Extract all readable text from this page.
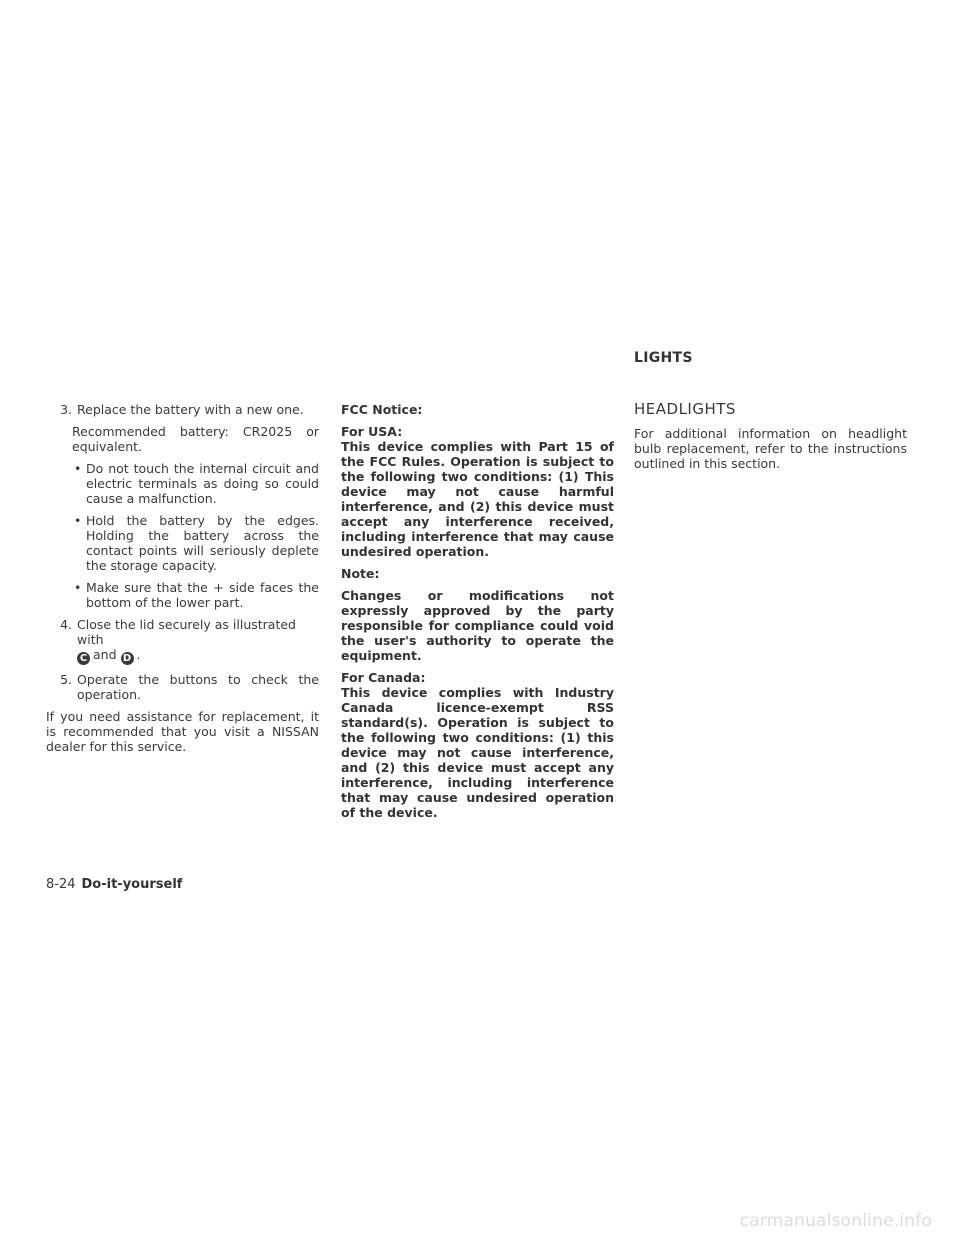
3. Replace the battery with a new one.
Recommended battery: CR2025 or equivalent.
• Do not touch the internal circuit and electric terminals as doing so could cause a malfunction.
• Hold the battery by the edges. Holding the battery across the contact points will seriously deplete the storage capacity.
• Make sure that the + side faces the bottom of the lower part.
4. Close the lid securely as illustrated with
C and D .
5. Operate the buttons to check the operation.
If you need assistance for replacement, it is recommended that you visit a NISSAN dealer for this service.
FCC Notice:
For USA:
This device complies with Part 15 of the FCC Rules. Operation is subject to the following two conditions: (1) This device may not cause harmful interference, and (2) this device must accept any interference received, including interference that may cause undesired operation.
Note:
Changes or modifications not expressly approved by the party responsible for compliance could void the user's authority to operate the equipment.
For Canada:
This device complies with Industry Canada licence-exempt RSS standard(s). Operation is subject to the following two conditions: (1) this device may not cause interference, and (2) this device must accept any interference, including interference that may cause undesired operation of the device.
LIGHTS
HEADLIGHTS
For additional information on headlight bulb replacement, refer to the instructions outlined in this section.
8-24 Do-it-yourself
carmanualsonline.info
